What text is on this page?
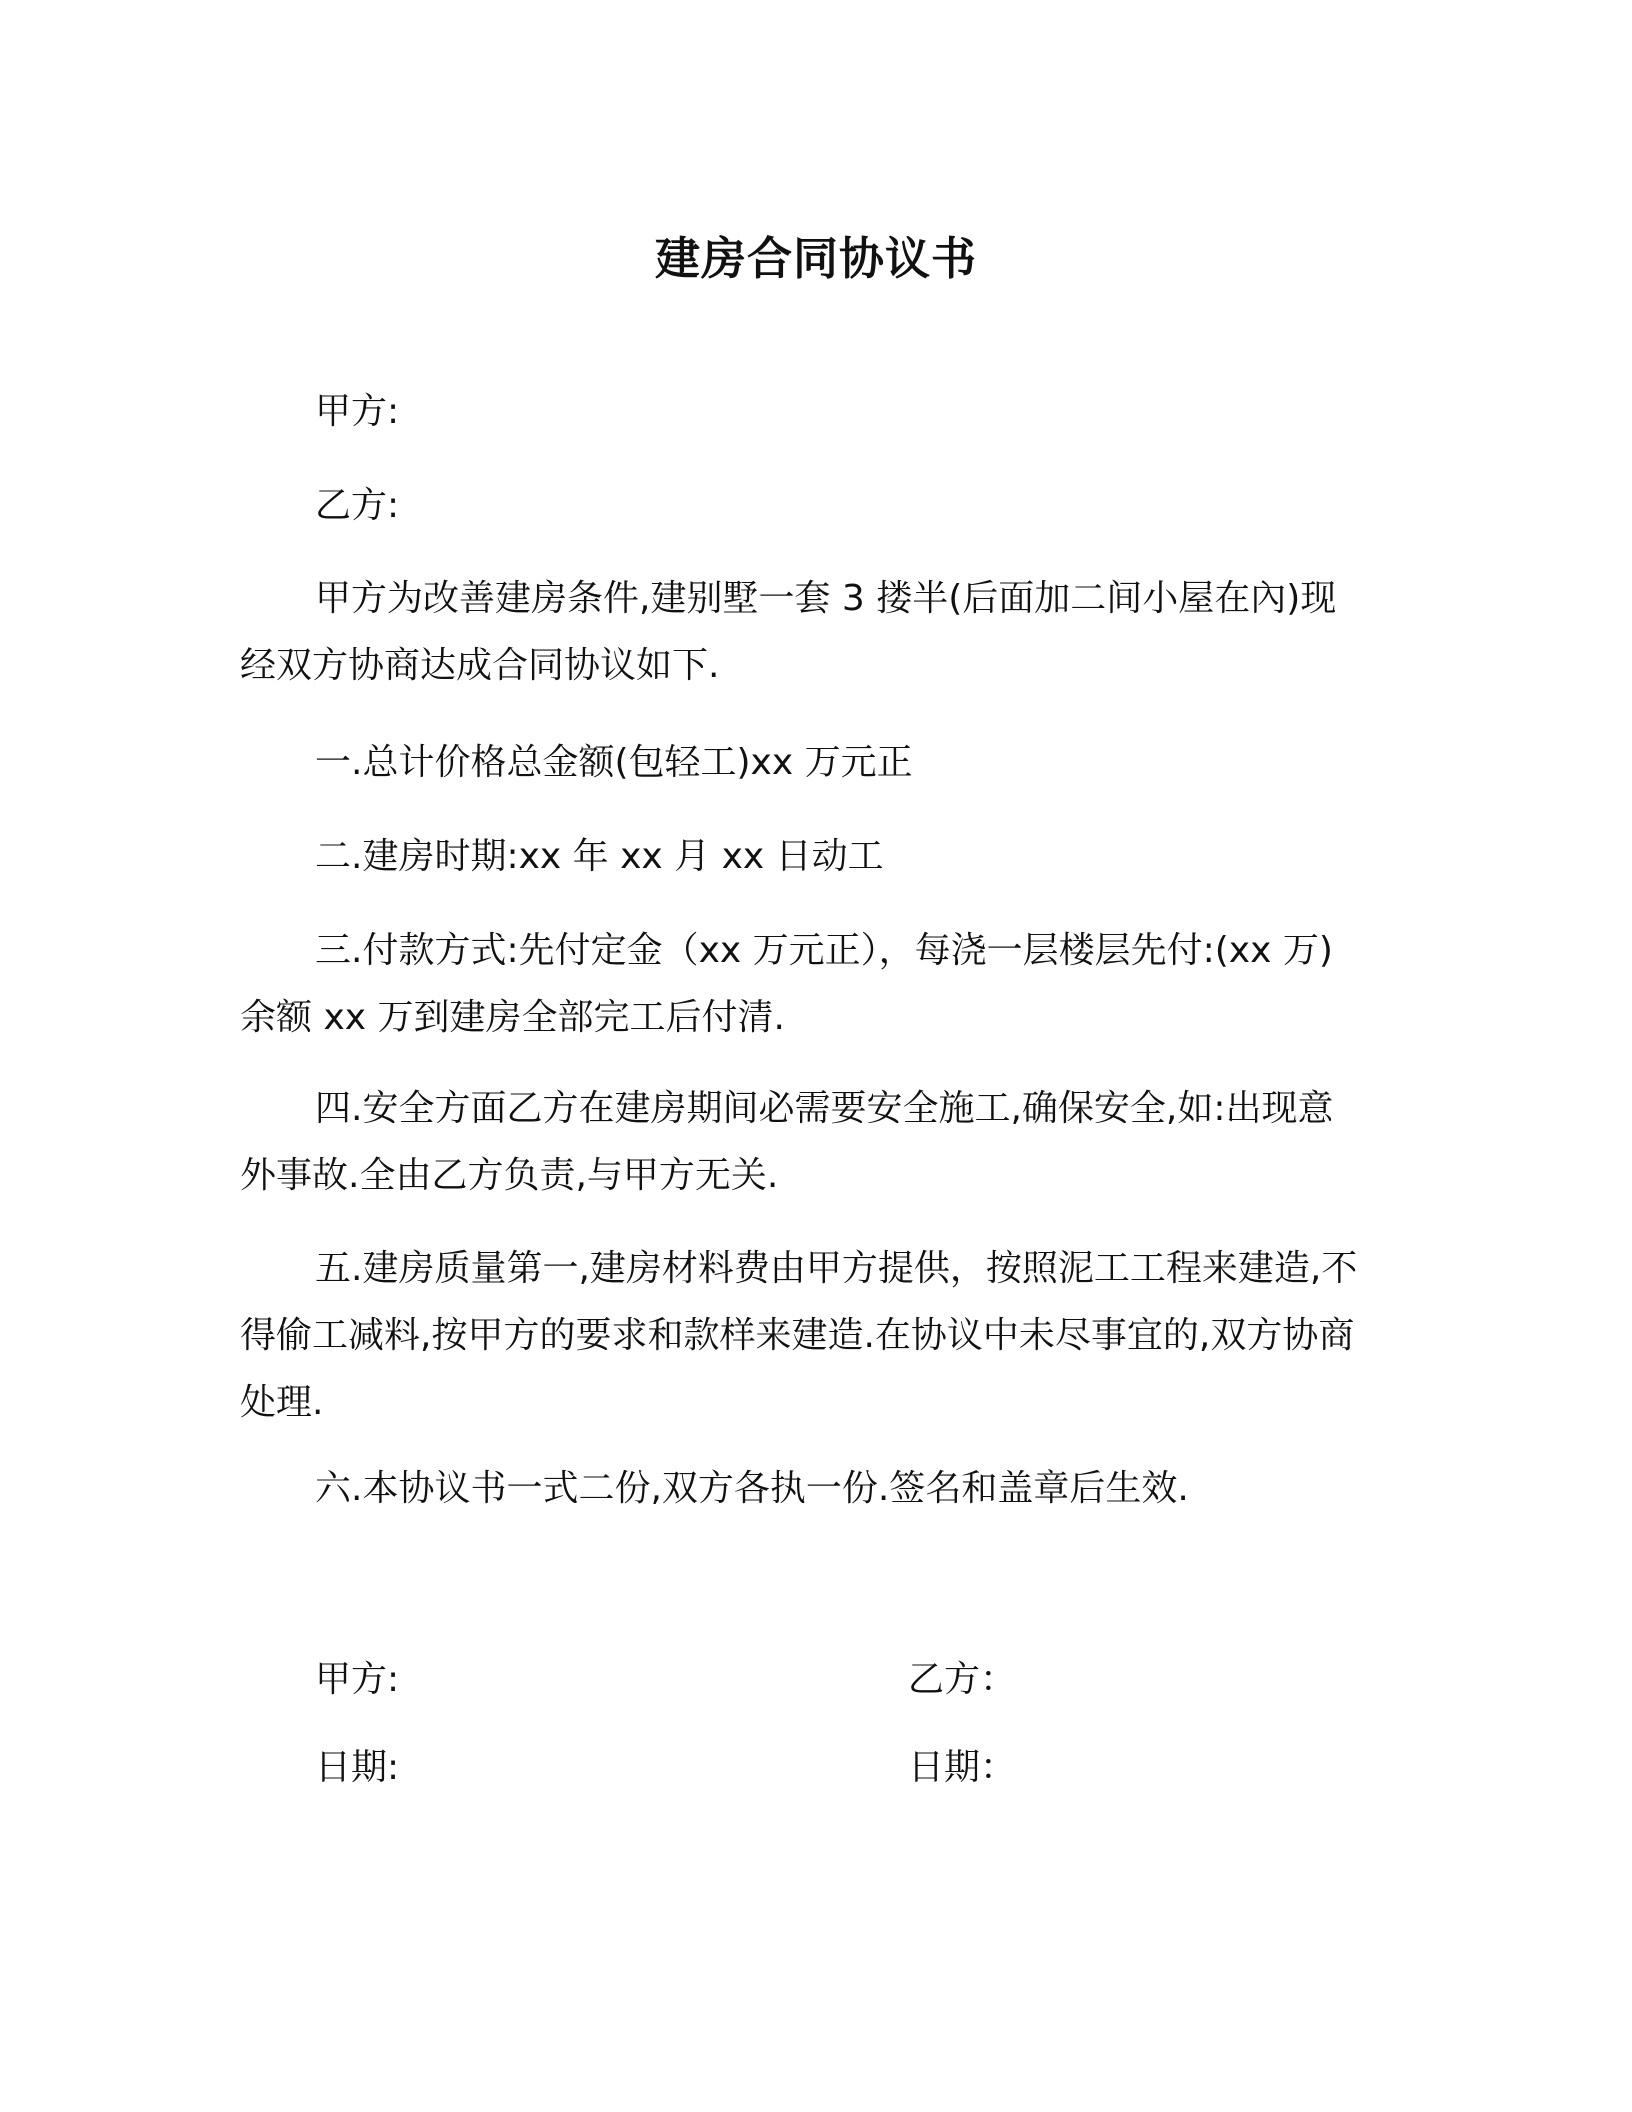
建房合同协议书

甲方:

乙方:

甲方为改善建房条件,建别墅一套 3 搂半(后面加二间小屋在內)现经双方协商达成合同协议如下.

一.总计价格总金额(包轻工)xx 万元正

二.建房时期:xx 年 xx 月 xx 日动工

三.付款方式:先付定金（xx 万元正），每浇一层楼层先付:(xx 万)余额 xx 万到建房全部完工后付清.

四.安全方面乙方在建房期间必需要安全施工,确保安全,如:出现意外事故.全由乙方负责,与甲方无关.

五.建房质量第一,建房材料费由甲方提供，按照泥工工程来建造,不得偷工减料,按甲方的要求和款样来建造.在协议中未尽事宜的,双方协商处理.

六.本协议书一式二份,双方各执一份.签名和盖章后生效.

甲方:	乙方：
日期:	日期：
